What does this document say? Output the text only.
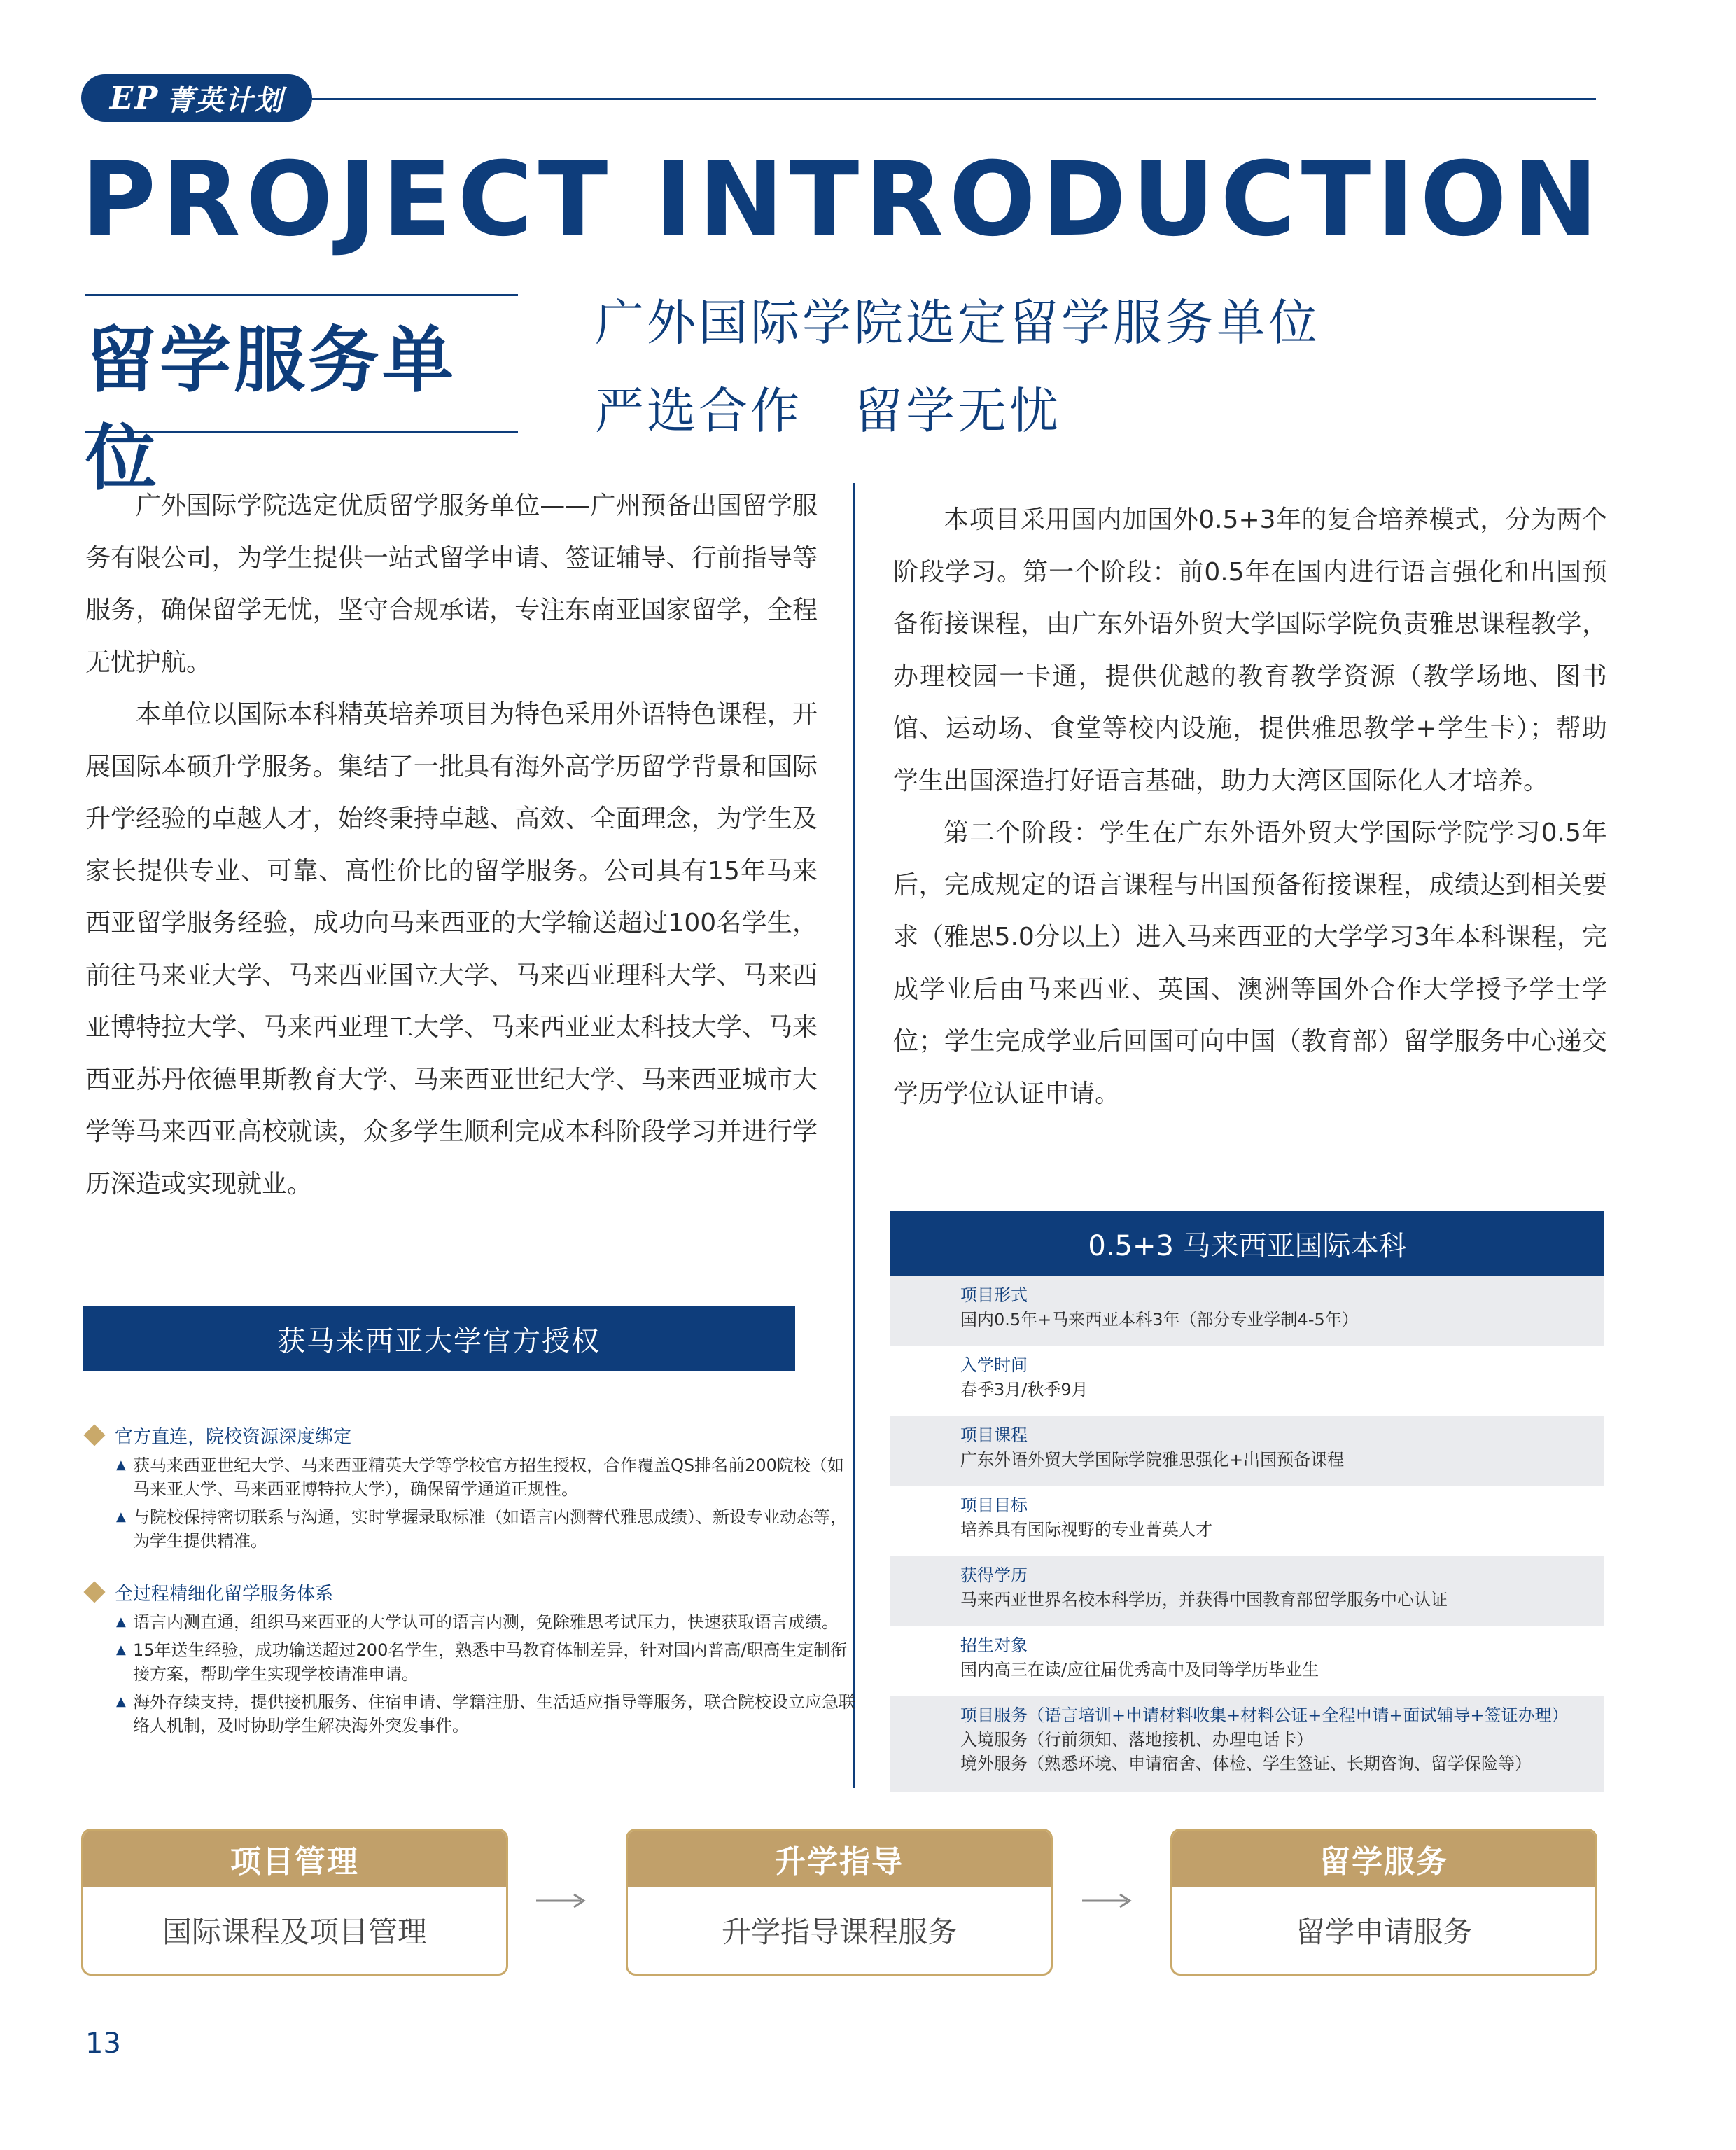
EP 菁英计划
PROJECT INTRODUCTION
留学服务单位
广外国际学院选定留学服务单位
严选合作　留学无忧

广外国际学院选定优质留学服务单位——广州预备出国留学服务有限公司，为学生提供一站式留学申请、签证辅导、行前指导等服务，确保留学无忧，坚守合规承诺，专注东南亚国家留学，全程无忧护航。

本单位以国际本科精英培养项目为特色采用外语特色课程，开展国际本硕升学服务。集结了一批具有海外高学历留学背景和国际升学经验的卓越人才，始终秉持卓越、高效、全面理念，为学生及家长提供专业、可靠、高性价比的留学服务。公司具有15年马来西亚留学服务经验，成功向马来西亚的大学输送超过100名学生，前往马来亚大学、马来西亚国立大学、马来西亚理科大学、马来西亚博特拉大学、马来西亚理工大学、马来西亚亚太科技大学、马来西亚苏丹依德里斯教育大学、马来西亚世纪大学、马来西亚城市大学等马来西亚高校就读，众多学生顺利完成本科阶段学习并进行学历深造或实现就业。

本项目采用国内加国外0.5+3年的复合培养模式，分为两个阶段学习。第一个阶段：前0.5年在国内进行语言强化和出国预备衔接课程，由广东外语外贸大学国际学院负责雅思课程教学，办理校园一卡通，提供优越的教育教学资源（教学场地、图书馆、运动场、食堂等校内设施，提供雅思教学+学生卡）；帮助学生出国深造打好语言基础，助力大湾区国际化人才培养。

第二个阶段：学生在广东外语外贸大学国际学院学习0.5年后，完成规定的语言课程与出国预备衔接课程，成绩达到相关要求（雅思5.0分以上）进入马来西亚的大学学习3年本科课程，完成学业后由马来西亚、英国、澳洲等国外合作大学授予学士学位；学生完成学业后回国可向中国（教育部）留学服务中心递交学历学位认证申请。

获马来西亚大学官方授权
官方直连，院校资源深度绑定
▲ 获马来西亚世纪大学、马来西亚精英大学等学校官方招生授权，合作覆盖QS排名前200院校（如马来亚大学、马来西亚博特拉大学），确保留学通道正规性。
▲ 与院校保持密切联系与沟通，实时掌握录取标准（如语言内测替代雅思成绩）、新设专业动态等，为学生提供精准。
全过程精细化留学服务体系
▲ 语言内测直通，组织马来西亚的大学认可的语言内测，免除雅思考试压力，快速获取语言成绩。
▲ 15年送生经验，成功输送超过200名学生，熟悉中马教育体制差异，针对国内普高/职高生定制衔接方案，帮助学生实现学校请准申请。
▲ 海外存续支持，提供接机服务、住宿申请、学籍注册、生活适应指导等服务，联合院校设立应急联络人机制，及时协助学生解决海外突发事件。
0.5+3 马来西亚国际本科
项目形式
国内0.5年+马来西亚本科3年（部分专业学制4-5年）
入学时间
春季3月/秋季9月
项目课程
广东外语外贸大学国际学院雅思强化+出国预备课程
项目目标
培养具有国际视野的专业菁英人才
获得学历
马来西亚世界名校本科学历，并获得中国教育部留学服务中心认证
招生对象
国内高三在读/应往届优秀高中及同等学历毕业生
项目服务（语言培训+申请材料收集+材料公证+全程申请+面试辅导+签证办理）
入境服务（行前须知、落地接机、办理电话卡）
境外服务（熟悉环境、申请宿舍、体检、学生签证、长期咨询、留学保险等）
项目管理
国际课程及项目管理
升学指导
升学指导课程服务
留学服务
留学申请服务
13
